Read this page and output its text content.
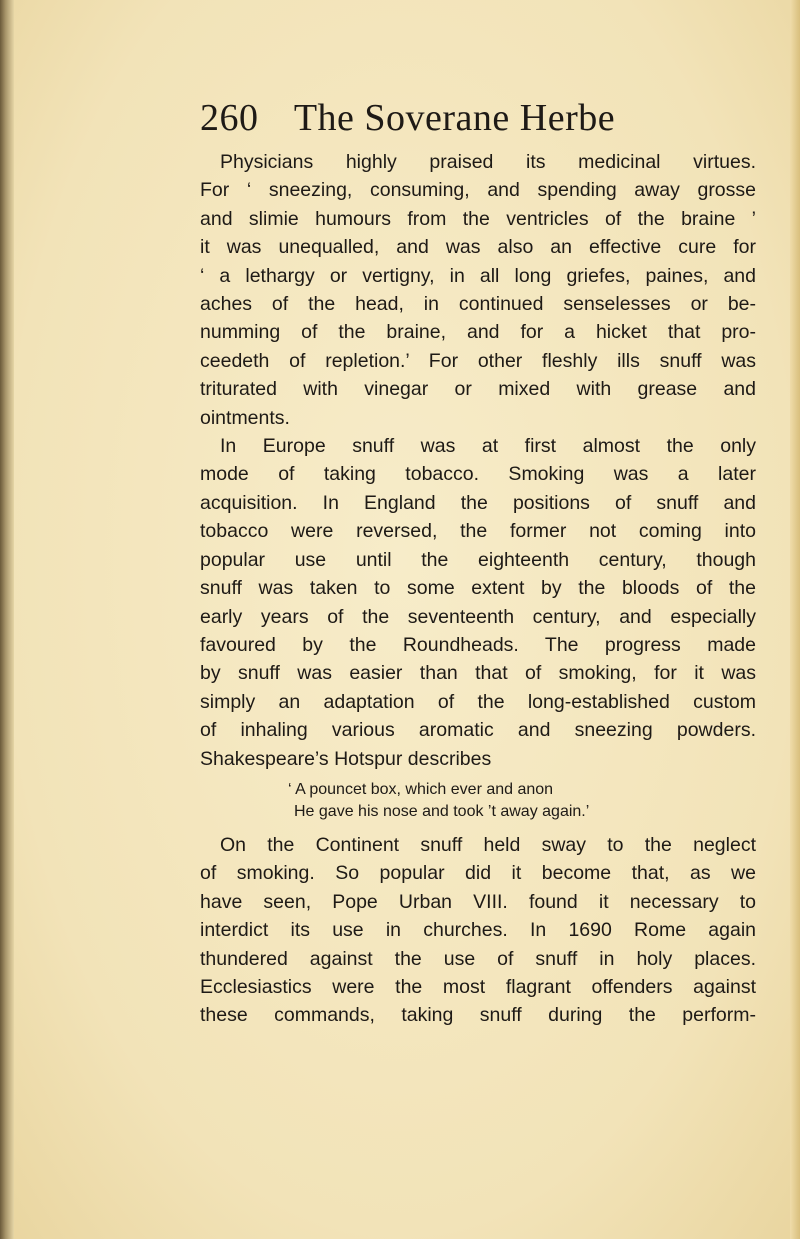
260 The Soverane Herbe
Physicians highly praised its medicinal virtues.
For ‘ sneezing, consuming, and spending away grosse
and slimie humours from the ventricles of the braine ’
it was unequalled, and was also an effective cure for
‘ a lethargy or vertigny, in all long griefes, paines, and
aches of the head, in continued senselesses or be-
numming of the braine, and for a hicket that pro-
ceedeth of repletion.’ For other fleshly ills snuff was
triturated with vinegar or mixed with grease and
ointments.
In Europe snuff was at first almost the only
mode of taking tobacco. Smoking was a later
acquisition. In England the positions of snuff and
tobacco were reversed, the former not coming into
popular use until the eighteenth century, though
snuff was taken to some extent by the bloods of the
early years of the seventeenth century, and especially
favoured by the Roundheads. The progress made
by snuff was easier than that of smoking, for it was
simply an adaptation of the long-established custom
of inhaling various aromatic and sneezing powders.
Shakespeare’s Hotspur describes
‘ A pouncet box, which ever and anon
He gave his nose and took ’t away again.’
On the Continent snuff held sway to the neglect
of smoking. So popular did it become that, as we
have seen, Pope Urban VIII. found it necessary to
interdict its use in churches. In 1690 Rome again
thundered against the use of snuff in holy places.
Ecclesiastics were the most flagrant offenders against
these commands, taking snuff during the perform-
